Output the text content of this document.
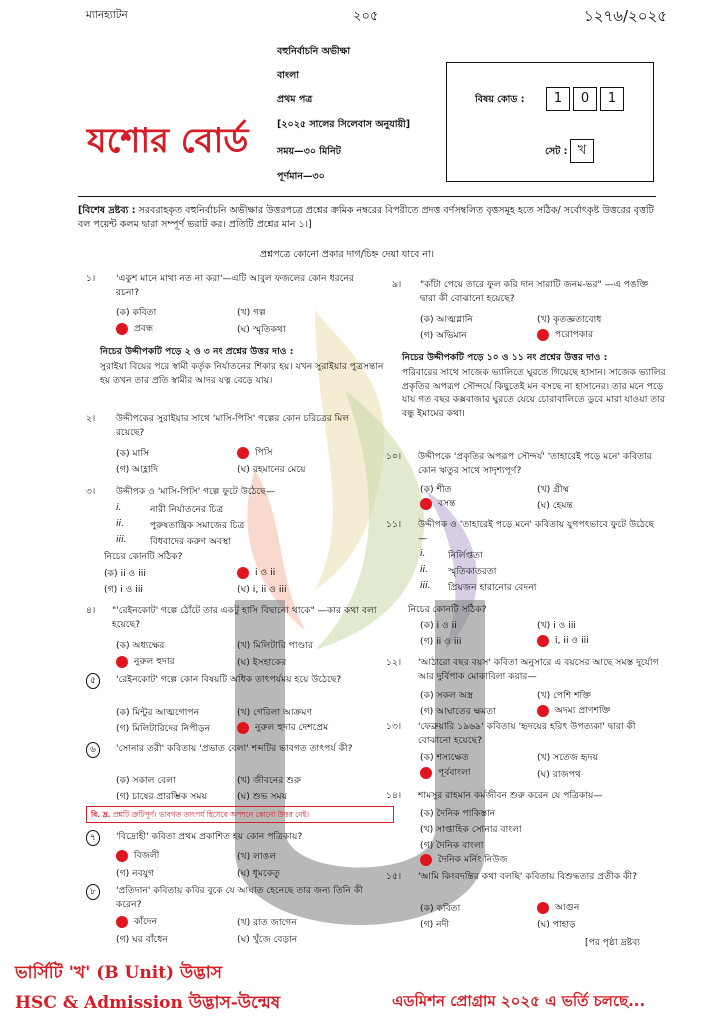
ম্যানহ্যাটন	২০৫	১২৭৬/২০২৫
বহুনির্বাচনি অভীক্ষা
বাংলা
প্রথম পত্র
[২০২৫ সালের সিলেবাস অনুযায়ী]
সময়—৩০ মিনিট
পূর্ণমান—৩০
যশোর বোর্ড
বিষয় কোড :	1 0 1
সেট : খ
[বিশেষ দ্রষ্টব্য : সরবরাহকৃত বহুনির্বাচনি অভীক্ষার উত্তরপত্রে প্রশ্নের ক্রমিক নম্বরের বিপরীতে প্রদত্ত বর্ণসম্বলিত বৃত্তসমূহ হতে সঠিক/ সর্বোৎকৃষ্ট উত্তরের বৃত্তটি বল পয়েন্ট কলম দ্বারা সম্পূর্ণ ভরাট কর। প্রতিটি প্রশ্নের মান ১।]
প্রশ্নপত্রে কোনো প্রকার দাগ/চিহ্ন দেয়া যাবে না।
১। 'একুশ মানে মাথা নত না করা'—এটি আবুল ফজলের কোন ধরনের রচনা?
(ক) কবিতা	(খ) গল্প
প্রবন্ধ	(ঘ) স্মৃতিকথা
নিচের উদ্দীপকটি পড়ে ২ ও ৩ নং প্রশ্নের উত্তর দাও :
সুরাইয়া বিয়ের পরে স্বামী কর্তৃক নির্যাতনের শিকার হয়। যখন সুরাইয়ার পুত্রসন্তান হয় তখন তার প্রতি স্বামীর আদর যত্ন বেড়ে যায়।
২। উদ্দীপকের সুরাইয়ার সাথে 'মাসি-পিসি' গল্পের কোন চরিত্রের মিল রয়েছে?
(ক) মাসি	পিসি
(গ) আহ্লাদি	(ঘ) রহমানের মেয়ে
৩। উদ্দীপক ও 'মাসি-পিসি' গল্পে ফুটে উঠেছে—
i.	নারী নির্যাতনের চিত্র
ii.	পুরুষতান্ত্রিক সমাজের চিত্র
iii.	বিধবাদের করুণ অবস্থা
নিচের কোনটি সঠিক?
(ক) ii ও iii	i ও ii
(গ) i ও iii	(ঘ) i, ii ও iii
৪। "'রেইনকোট' গল্পে ঠোঁটে তার একটু হাসি বিছানো থাকে" —কার কথা বলা হয়েছে?
(ক) অধ্যক্ষের	(খ) মিলিটারি পাণ্ডার
নুরুল হুদার	(ঘ) ইসহাকের
৫ 'রেইনকোট' গল্পে কোন বিষয়টি অধিক তাৎপর্যময় হয়ে উঠেছে?
(ক) মিন্টুর আত্মগোপন	(খ) গেরিলা আক্রমণ
(গ) মিলিটারিদের নিপীড়ন	নুরুল হুদার দেশপ্রেম
৬ 'সোনার তরী' কবিতায় 'প্রভাত বেলা' শব্দটির ভাবগত তাৎপর্য কী?
(ক) সকাল বেলা	(খ) জীবনের শুরু
(গ) চাষের প্রারম্ভিক সময়	(ঘ) শুভ সময়
বি. দ্র. প্রশ্নটি ত্রুটিপূর্ণ। ভাবগত তাৎপর্য হিসেবে অপশনে কোনো উত্তর নেই।
৭ 'বিদ্রোহী' কবিতা প্রথম প্রকাশিত হয় কোন পত্রিকায়?
বিজলী	(খ) লাঙল
(গ) নবযুগ	(ঘ) ধূমকেতু
৮ 'প্রতিদান' কবিতায় কবির বুকে যে আঘাত হেনেছে তার জন্য তিনি কী করেন?
কাঁদেন	(খ) রাত জাগেন
(গ) ঘর বাঁধেন	(ঘ) খুঁজে বেড়ান
৯। "কাঁটা পেয়ে তারে ফুল করি দান সারাটি জনম-ভর" —এ পঙক্তি দ্বারা কী বোঝানো হয়েছে?
(ক) আত্মগ্লানি	(খ) কৃতজ্ঞতাবোধ
(গ) অভিমান	পরোপকার
নিচের উদ্দীপকটি পড়ে ১০ ও ১১ নং প্রশ্নের উত্তর দাও :
পরিবারের সাথে সাজেক ভ্যালিতে ঘুরতে গিয়েছে হাসান। সাজেক ভ্যালির প্রকৃতির অপরূপ সৌন্দর্যে কিছুতেই মন বসছে না হাসানের। তার মনে পড়ে যায় গত বছর কক্সবাজার ঘুরতে যেয়ে চোরাবালিতে ডুবে মারা যাওয়া তার বন্ধু ইমামের কথা।
১০। উদ্দীপকে 'প্রকৃতির অপরূপ সৌন্দর্য' 'তাহারেই পড়ে মনে' কবিতার কোন ঋতুর সাথে সাদৃশ্যপূর্ণ?
(ক) শীত	(খ) গ্রীষ্ম
বসন্ত	(ঘ) হেমন্ত
১১। উদ্দীপক ও 'তাহারেই পড়ে মনে' কবিতায় যুগপৎভাবে ফুটে উঠেছে—
i. নির্লিপ্ততা
ii. স্মৃতিকাতরতা
iii. প্রিয়জন হারানোর বেদনা
নিচের কোনটি সঠিক?
(ক) i ও ii	(খ) i ও iii
(গ) ii ও iii	i, ii ও iii
১২। 'আঠারো বছর বয়স' কবিতা অনুসারে এ বয়সের আছে সমস্ত দুর্যোগ আর দুর্বিপাক মোকাবিলা করার—
(ক) সকল অস্ত্র	(খ) পেশি শক্তি
(গ) আঘাতের ক্ষমতা	অদম্য প্রাণশক্তি
১৩। 'ফেব্রুয়ারি ১৯৬৯' কবিতায় 'হৃদয়ের হরিৎ উপত্যকা' দ্বারা কী বোঝানো হয়েছে?
(ক) শস্যক্ষেত	(খ) সতেজ হৃদয়
পূর্ববাংলা	(ঘ) রাজপথ
১৪। শামসুর রাহমান কর্মজীবন শুরু করেন যে পত্রিকায়—
(ক) দৈনিক পাকিস্তান
(খ) সাপ্তাহিক সোনার বাংলা
(গ) দৈনিক বাংলা
দৈনিক মর্নিং নিউজ
১৫। 'আমি কিংবদন্তির কথা বলছি' কবিতায় বিশুদ্ধতার প্রতীক কী?
(ক) কবিতা	আগুন
(গ) নদী	(ঘ) পাহাড়
[পর পৃষ্ঠা দ্রষ্টব্য
ভার্সিটি 'খ' (B Unit) উদ্ভাস
HSC & Admission উদ্ভাস-উন্মেষ	এডমিশন প্রোগ্রাম ২০২৫ এ ভর্তি চলছে...
